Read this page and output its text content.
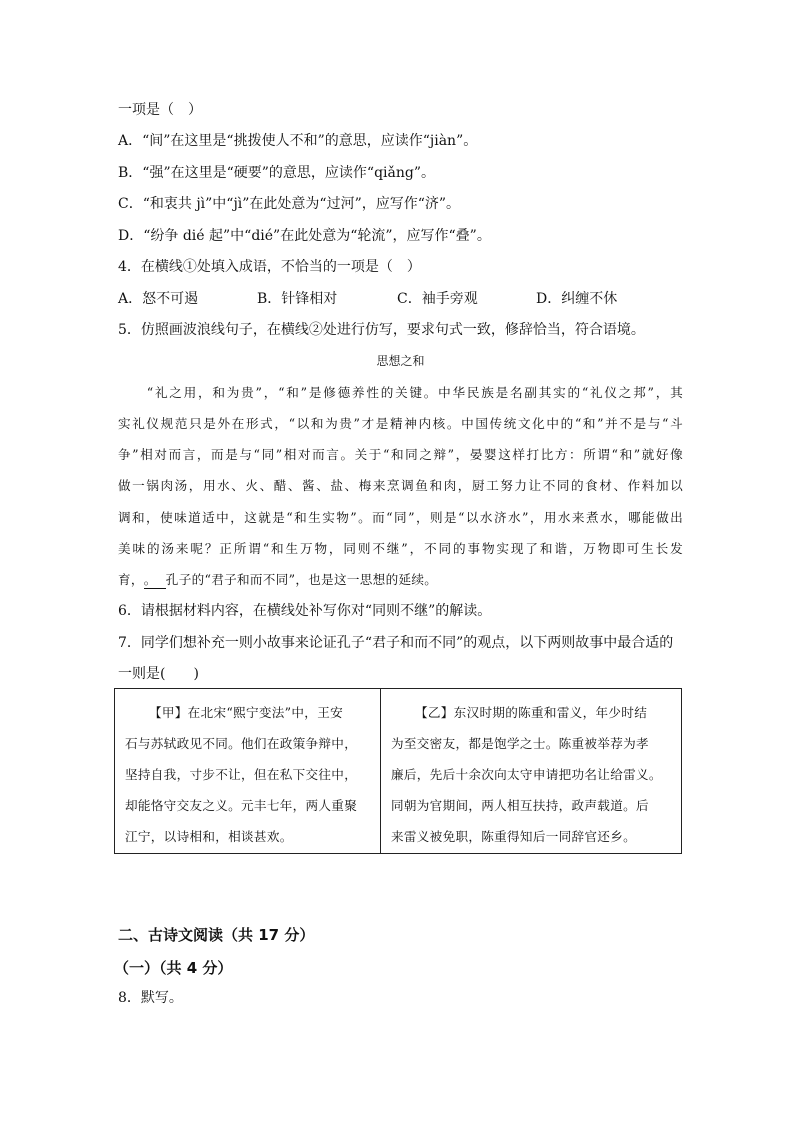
一项是（　）
A．“间”在这里是“挑拨使人不和”的意思，应读作“jiàn”。
B．“强”在这里是“硬要”的意思，应读作“qiǎng”。
C．“和衷共 jì”中“jì”在此处意为“过河”，应写作“济”。
D．“纷争 dié 起”中“dié”在此处意为“轮流”，应写作“叠”。
4．在横线①处填入成语，不恰当的一项是（　）
A．怒不可遏	B．针锋相对	C．袖手旁观	D．纠缠不休
5．仿照画波浪线句子，在横线②处进行仿写，要求句式一致，修辞恰当，符合语境。
思想之和
　　“礼之用，和为贵”，“和”是修德养性的关键。中华民族是名副其实的“礼仪之邦”，其
实礼仪规范只是外在形式，“以和为贵”才是精神内核。中国传统文化中的“和”并不是与“斗
争”相对而言，而是与“同”相对而言。关于“和同之辩”，晏婴这样打比方：所谓“和”就好像
做一锅肉汤，用水、火、醋、酱、盐、梅来烹调鱼和肉，厨工努力让不同的食材、作料加以
调和，使味道适中，这就是“和生实物”。而“同”，则是“以水济水”，用水来煮水，哪能做出
美味的汤来呢？正所谓“和生万物，同则不继”，不同的事物实现了和谐，万物即可生长发
育，。 孔子的“君子和而不同”，也是这一思想的延续。
6．请根据材料内容，在横线处补写你对“同则不继”的解读。
7．同学们想补充一则小故事来论证孔子“君子和而不同”的观点，以下两则故事中最合适的
一则是(　　)
【甲】在北宋“熙宁变法”中，王安
石与苏轼政见不同。他们在政策争辩中，
坚持自我，寸步不让，但在私下交往中，
却能恪守交友之义。元丰七年，两人重聚
江宁，以诗相和，相谈甚欢。
【乙】东汉时期的陈重和雷义，年少时结
为至交密友，都是饱学之士。陈重被举荐为孝
廉后，先后十余次向太守申请把功名让给雷义。
同朝为官期间，两人相互扶持，政声载道。后
来雷义被免职，陈重得知后一同辞官还乡。
二、古诗文阅读（共 17 分）
（一）（共 4 分）
8．默写。
